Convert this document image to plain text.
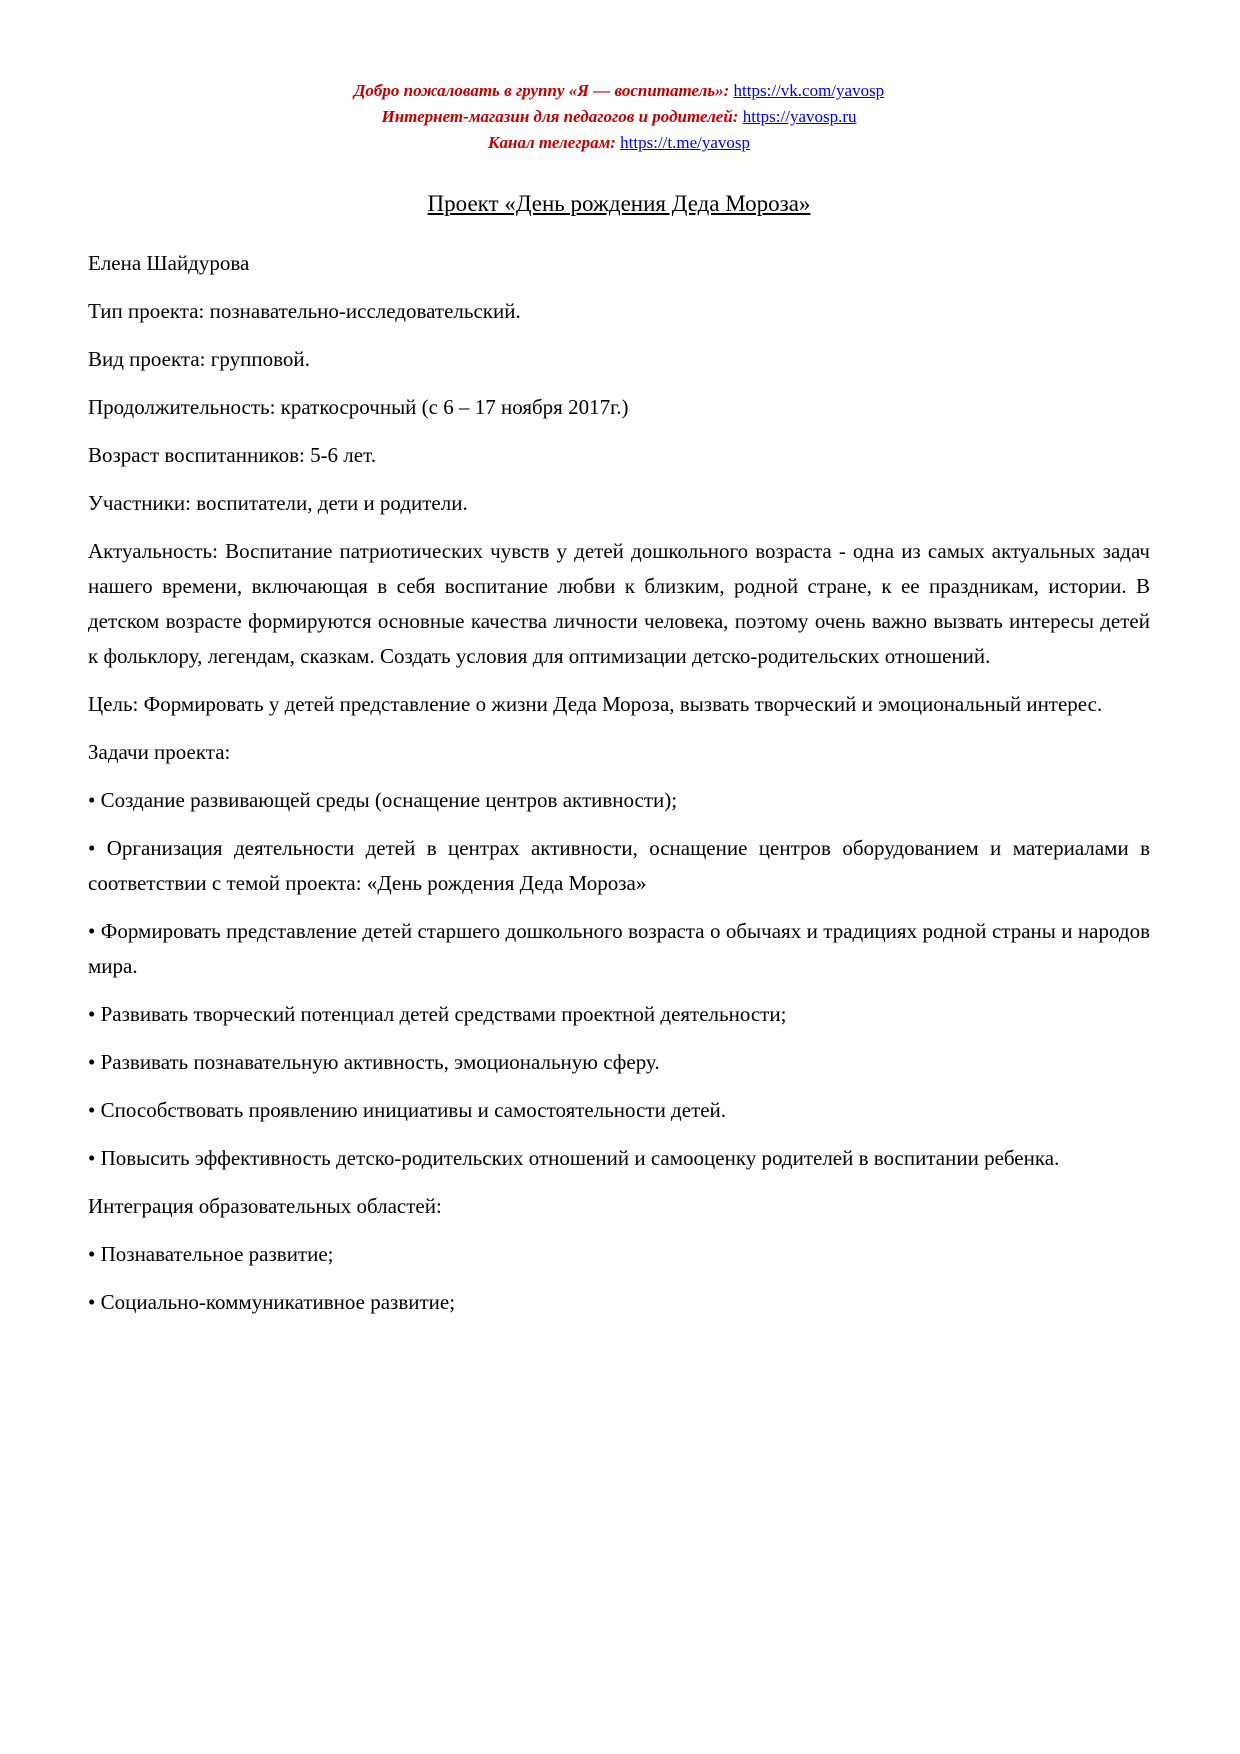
Добро пожаловать в группу «Я — воспитатель»: https://vk.com/yavosp

Интернет-магазин для педагогов и родителей: https://yavosp.ru

Канал телеграм: https://t.me/yavosp

Проект «День рождения Деда Мороза»

Елена Шайдурова

Тип проекта: познавательно-исследовательский.

Вид проекта: групповой.

Продолжительность: краткосрочный (с 6 – 17 ноября 2017г.)

Возраст воспитанников: 5-6 лет.

Участники: воспитатели, дети и родители.

Актуальность: Воспитание патриотических чувств у детей дошкольного возраста - одна из самых актуальных задач нашего времени, включающая в себя воспитание любви к близким, родной стране, к ее праздникам, истории. В детском возрасте формируются основные качества личности человека, поэтому очень важно вызвать интересы детей к фольклору, легендам, сказкам. Создать условия для оптимизации детско-родительских отношений.

Цель: Формировать у детей представление о жизни Деда Мороза, вызвать творческий и эмоциональный интерес.

Задачи проекта:

• Создание развивающей среды (оснащение центров активности);

• Организация деятельности детей в центрах активности, оснащение центров оборудованием и материалами в соответствии с темой проекта: «День рождения Деда Мороза»

• Формировать представление детей старшего дошкольного возраста о обычаях и традициях родной страны и народов мира.

• Развивать творческий потенциал детей средствами проектной деятельности;

• Развивать познавательную активность, эмоциональную сферу.

• Способствовать проявлению инициативы и самостоятельности детей.

• Повысить эффективность детско-родительских отношений и самооценку родителей в воспитании ребенка.

Интеграция образовательных областей:

• Познавательное развитие;

• Социально-коммуникативное развитие;
